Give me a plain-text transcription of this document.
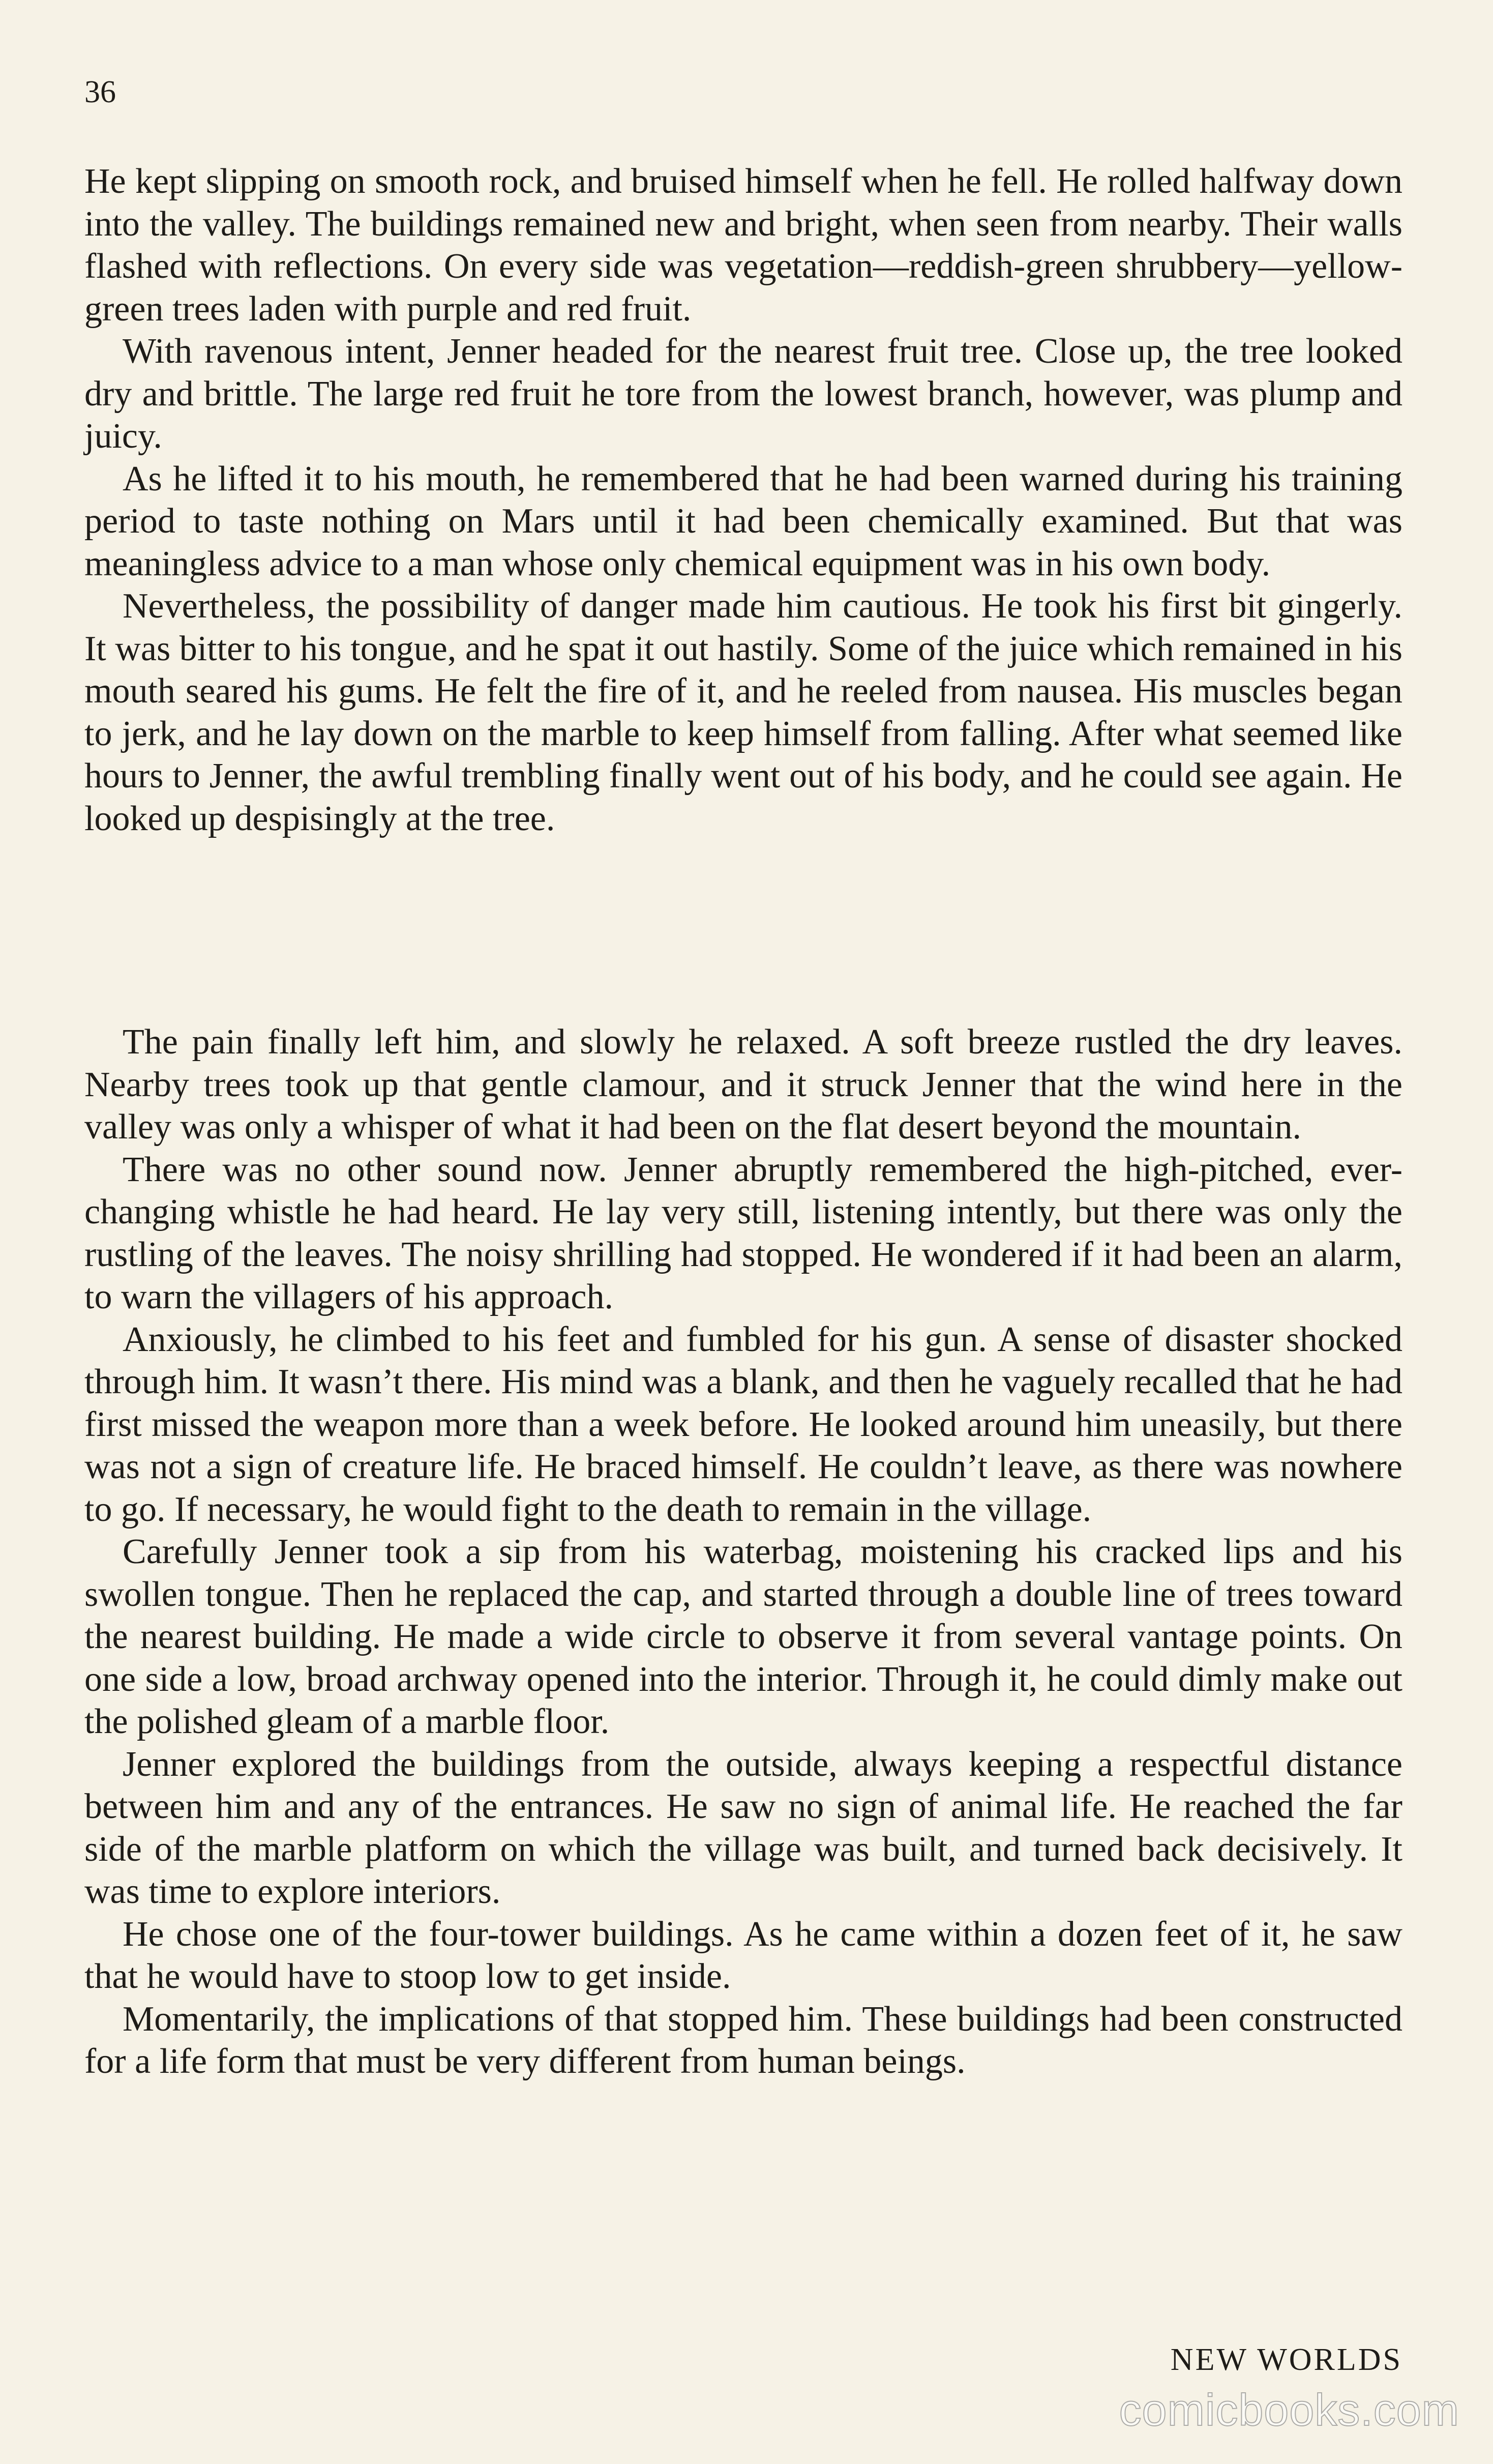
36

He kept slipping on smooth rock, and bruised himself when he fell. He rolled halfway down into the valley. The buildings remained new and bright, when seen from nearby. Their walls flashed with reflections. On every side was vegetation—reddish-green shrubbery—yellow-green trees laden with purple and red fruit.

With ravenous intent, Jenner headed for the nearest fruit tree. Close up, the tree looked dry and brittle. The large red fruit he tore from the lowest branch, however, was plump and juicy.

As he lifted it to his mouth, he remembered that he had been warned during his training period to taste nothing on Mars until it had been chemically examined. But that was meaningless advice to a man whose only chemical equipment was in his own body.

Nevertheless, the possibility of danger made him cautious. He took his first bit gingerly. It was bitter to his tongue, and he spat it out hastily. Some of the juice which remained in his mouth seared his gums. He felt the fire of it, and he reeled from nausea. His muscles began to jerk, and he lay down on the marble to keep himself from falling. After what seemed like hours to Jenner, the awful trembling finally went out of his body, and he could see again. He looked up despisingly at the tree.

The pain finally left him, and slowly he relaxed. A soft breeze rustled the dry leaves. Nearby trees took up that gentle clamour, and it struck Jenner that the wind here in the valley was only a whisper of what it had been on the flat desert beyond the mountain.

There was no other sound now. Jenner abruptly remembered the high-pitched, ever-changing whistle he had heard. He lay very still, listening intently, but there was only the rustling of the leaves. The noisy shrilling had stopped. He wondered if it had been an alarm, to warn the villagers of his approach.

Anxiously, he climbed to his feet and fumbled for his gun. A sense of disaster shocked through him. It wasn’t there. His mind was a blank, and then he vaguely recalled that he had first missed the weapon more than a week before. He looked around him uneasily, but there was not a sign of creature life. He braced himself. He couldn’t leave, as there was nowhere to go. If necessary, he would fight to the death to remain in the village.

Carefully Jenner took a sip from his waterbag, moistening his cracked lips and his swollen tongue. Then he replaced the cap, and started through a double line of trees toward the nearest building. He made a wide circle to observe it from several vantage points. On one side a low, broad archway opened into the interior. Through it, he could dimly make out the polished gleam of a marble floor.

Jenner explored the buildings from the outside, always keeping a respectful distance between him and any of the entrances. He saw no sign of animal life. He reached the far side of the marble platform on which the village was built, and turned back decisively. It was time to explore interiors.

He chose one of the four-tower buildings. As he came within a dozen feet of it, he saw that he would have to stoop low to get inside.

Momentarily, the implications of that stopped him. These buildings had been constructed for a life form that must be very different from human beings.

NEW WORLDS
comicbooks.com
